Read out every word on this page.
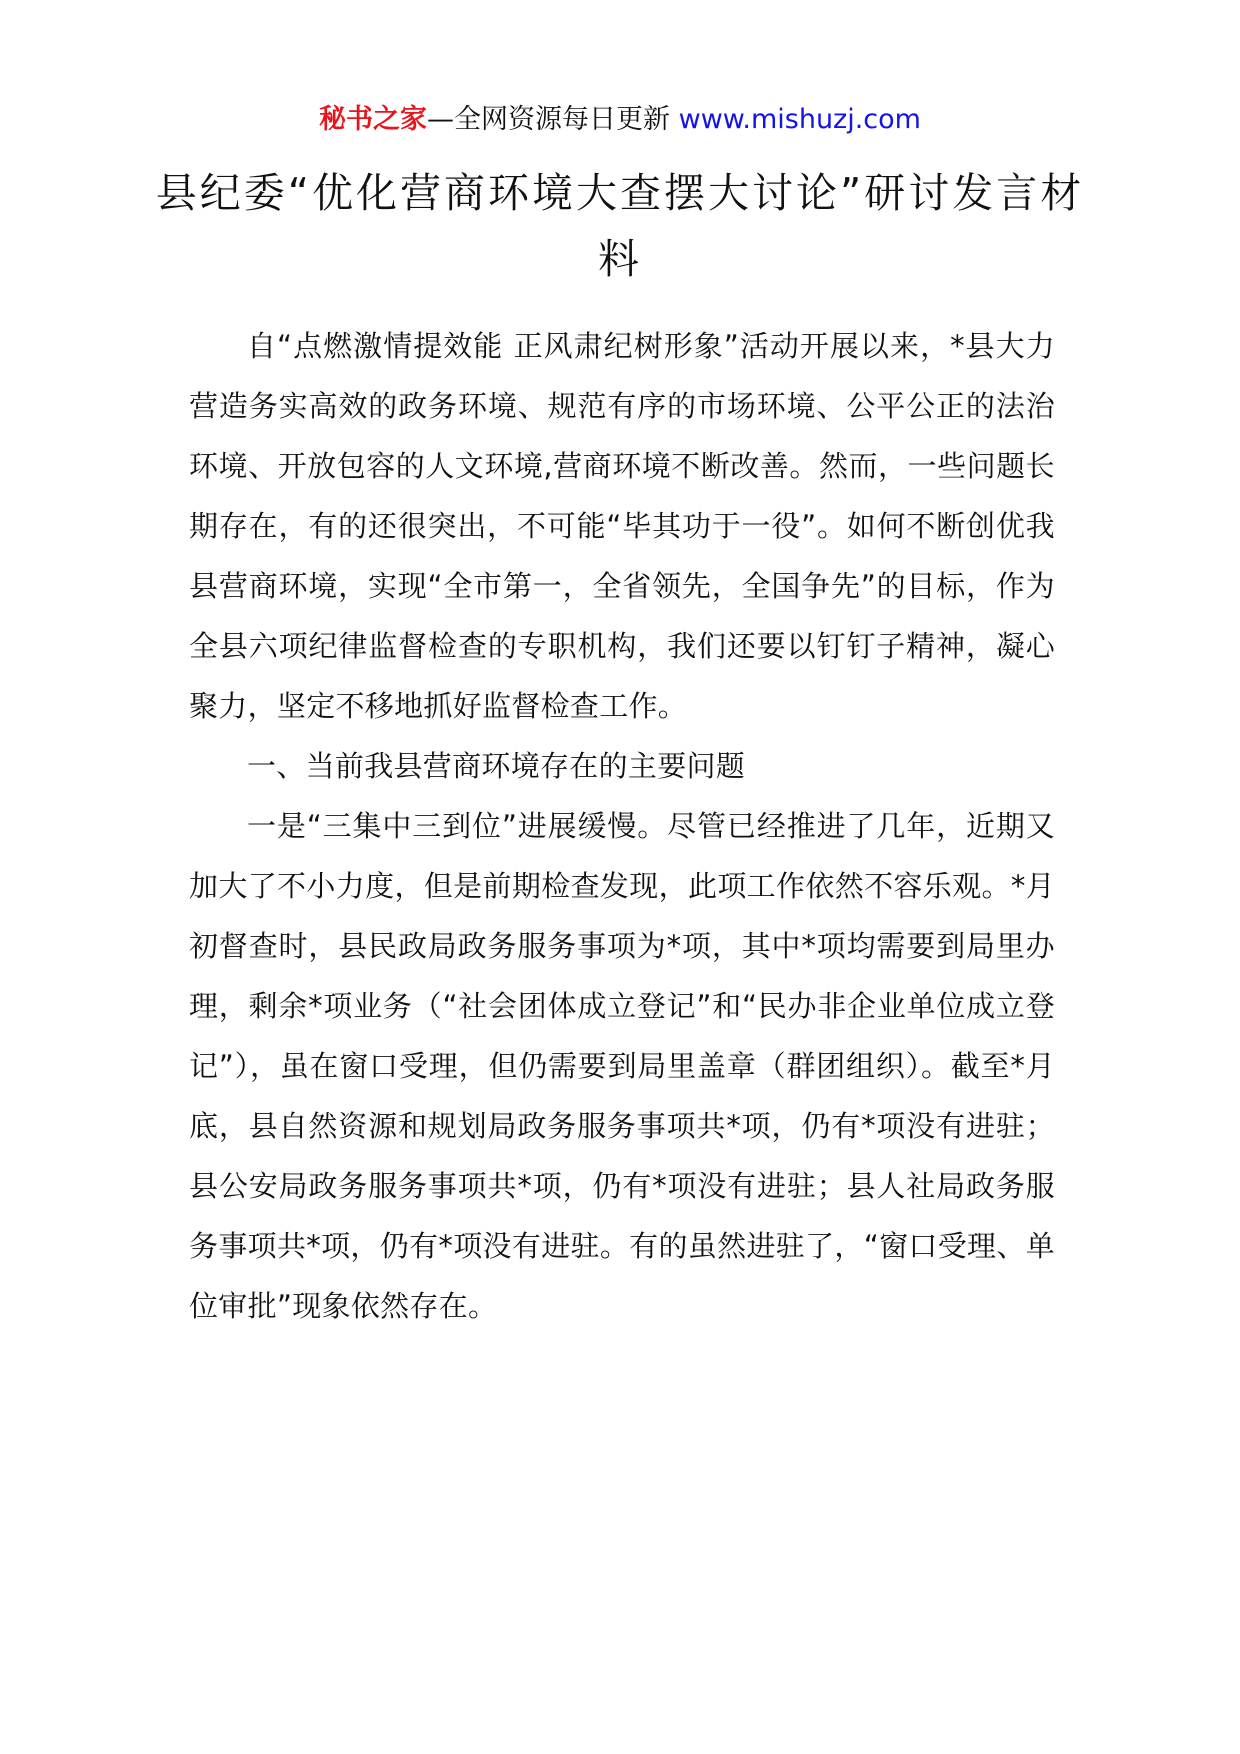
秘书之家—全网资源每日更新 www.mishuzj.com
县纪委“优化营商环境大查摆大讨论”研讨发言材料

自“点燃激情提效能 正风肃纪树形象”活动开展以来，*县大力营造务实高效的政务环境、规范有序的市场环境、公平公正的法治环境、开放包容的人文环境,营商环境不断改善。然而，一些问题长期存在，有的还很突出，不可能“毕其功于一役”。如何不断创优我县营商环境，实现“全市第一，全省领先，全国争先”的目标，作为全县六项纪律监督检查的专职机构，我们还要以钉钉子精神，凝心聚力，坚定不移地抓好监督检查工作。

一、当前我县营商环境存在的主要问题

一是“三集中三到位”进展缓慢。尽管已经推进了几年，近期又加大了不小力度，但是前期检查发现，此项工作依然不容乐观。*月初督查时，县民政局政务服务事项为*项，其中*项均需要到局里办理，剩余*项业务（“社会团体成立登记”和“民办非企业单位成立登记”），虽在窗口受理，但仍需要到局里盖章（群团组织）。截至*月底，县自然资源和规划局政务服务事项共*项，仍有*项没有进驻；县公安局政务服务事项共*项，仍有*项没有进驻；县人社局政务服务事项共*项，仍有*项没有进驻。有的虽然进驻了，“窗口受理、单位审批”现象依然存在。
